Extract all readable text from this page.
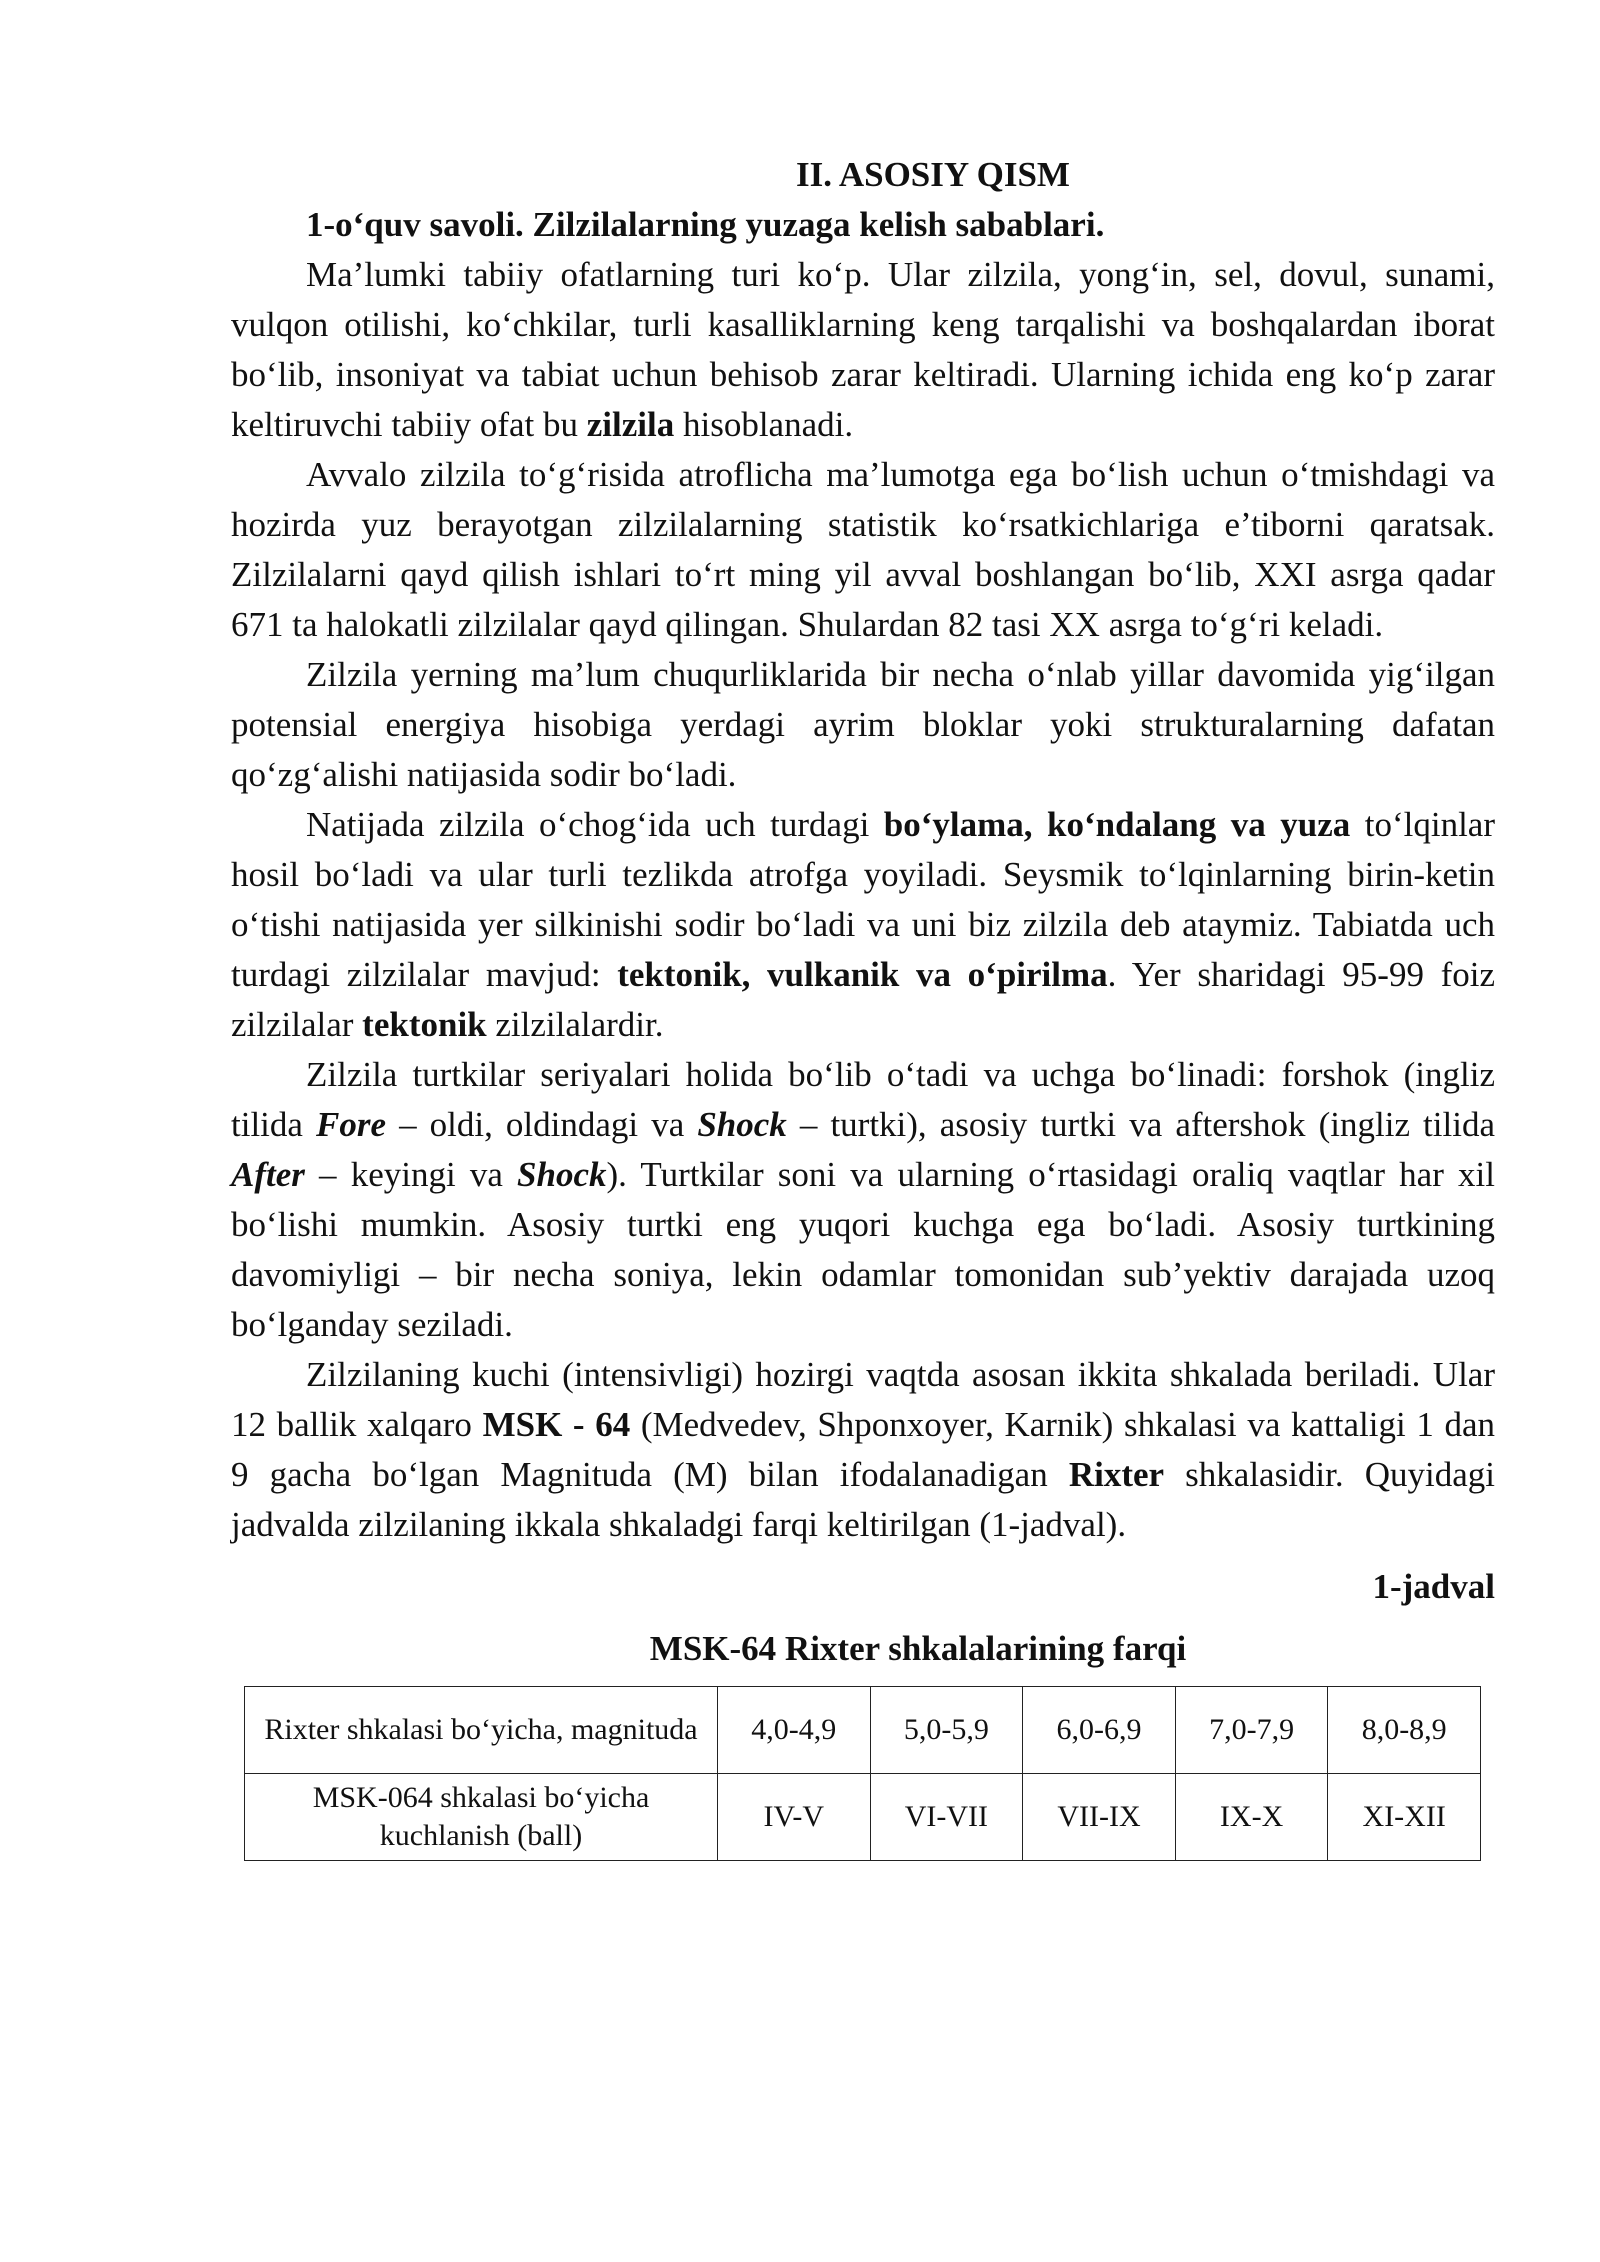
II. ASOSIY QISM

1-o‘quv savoli. Zilzilalarning yuzaga kelish sabablari.

Ma’lumki tabiiy ofatlarning turi ko‘p. Ular zilzila, yong‘in, sel, dovul, sunami, vulqon otilishi, ko‘chkilar, turli kasalliklarning keng tarqalishi va boshqalardan iborat bo‘lib, insoniyat va tabiat uchun behisob zarar keltiradi. Ularning ichida eng ko‘p zarar keltiruvchi tabiiy ofat bu zilzila hisoblanadi.

Avvalo zilzila to‘g‘risida atroflicha ma’lumotga ega bo‘lish uchun o‘tmishdagi va hozirda yuz berayotgan zilzilalarning statistik ko‘rsatkichlariga e’tiborni qaratsak. Zilzilalarni qayd qilish ishlari to‘rt ming yil avval boshlangan bo‘lib, XXI asrga qadar 671 ta halokatli zilzilalar qayd qilingan. Shulardan 82 tasi XX asrga to‘g‘ri keladi.

Zilzila yerning ma’lum chuqurliklarida bir necha o‘nlab yillar davomida yig‘ilgan potensial energiya hisobiga yerdagi ayrim bloklar yoki strukturalarning dafatan qo‘zg‘alishi natijasida sodir bo‘ladi.

Natijada zilzila o‘chog‘ida uch turdagi bo‘ylama, ko‘ndalang va yuza to‘lqinlar hosil bo‘ladi va ular turli tezlikda atrofga yoyiladi. Seysmik to‘lqinlarning birin-ketin o‘tishi natijasida yer silkinishi sodir bo‘ladi va uni biz zilzila deb ataymiz. Tabiatda uch turdagi zilzilalar mavjud: tektonik, vulkanik va o‘pirilma. Yer sharidagi 95-99 foiz zilzilalar tektonik zilzilalardir.

Zilzila turtkilar seriyalari holida bo‘lib o‘tadi va uchga bo‘linadi: forshok (ingliz tilida Fore – oldi, oldindagi va Shock – turtki), asosiy turtki va aftershok (ingliz tilida After – keyingi va Shock). Turtkilar soni va ularning o‘rtasidagi oraliq vaqtlar har xil bo‘lishi mumkin. Asosiy turtki eng yuqori kuchga ega bo‘ladi. Asosiy turtkining davomiyligi – bir necha soniya, lekin odamlar tomonidan sub’yektiv darajada uzoq bo‘lganday seziladi.

Zilzilaning kuchi (intensivligi) hozirgi vaqtda asosan ikkita shkalada beriladi. Ular 12 ballik xalqaro MSK - 64 (Medvedev, Shponxoyer, Karnik) shkalasi va kattaligi 1 dan 9 gacha bo‘lgan Magnituda (M) bilan ifodalanadigan Rixter shkalasidir. Quyidagi jadvalda zilzilaning ikkala shkaladgi farqi keltirilgan (1-jadval).

1-jadval

MSK-64 Rixter shkalalarining farqi

Rixter shkalasi bo‘yicha, magnituda	4,0-4,9	5,0-5,9	6,0-6,9	7,0-7,9	8,0-8,9
MSK-064 shkalasi bo‘yicha kuchlanish (ball)	IV-V	VI-VII	VII-IX	IX-X	XI-XII
